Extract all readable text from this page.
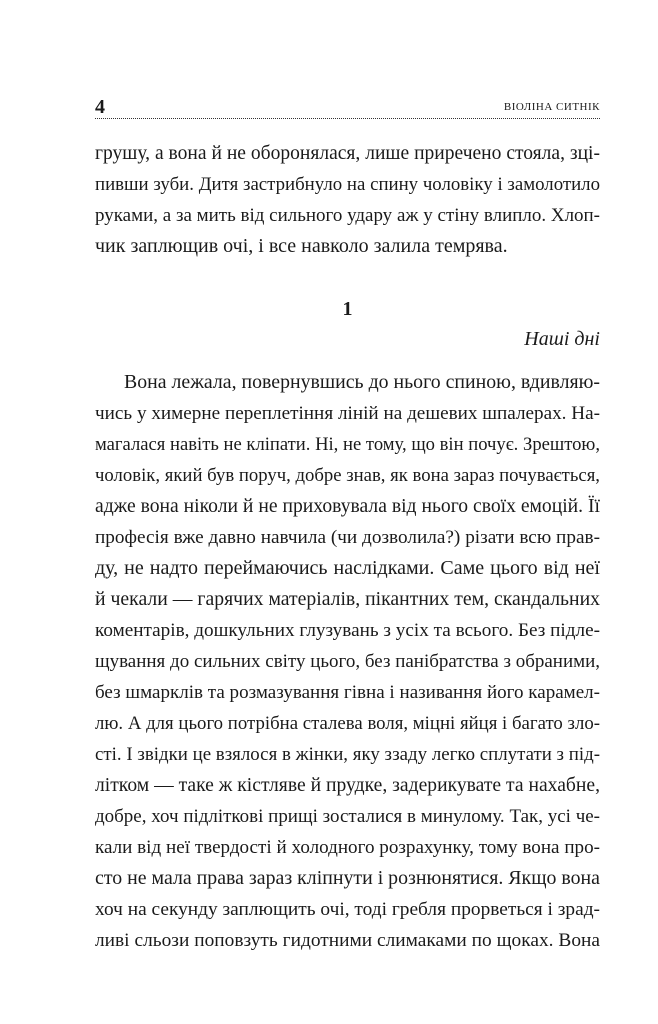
4	ВІОЛІНА СИТНІК
грушу, а вона й не оборонялася, лише приречено стояла, зці-
пивши зуби. Дитя застрибнуло на спину чоловіку і замолотило
руками, а за мить від сильного удару аж у стіну влипло. Хлоп-
чик заплющив очі, і все навколо залила темрява.
1
Наші дні
Вона лежала, повернувшись до нього спиною, вдивляю-
чись у химерне переплетіння ліній на дешевих шпалерах. На-
магалася навіть не кліпати. Ні, не тому, що він почує. Зрештою,
чоловік, який був поруч, добре знав, як вона зараз почувається,
адже вона ніколи й не приховувала від нього своїх емоцій. Її
професія вже давно навчила (чи дозволила?) різати всю прав-
ду, не надто переймаючись наслідками. Саме цього від неї
й чекали — гарячих матеріалів, пікантних тем, скандальних
коментарів, дошкульних глузувань з усіх та всього. Без підле-
щування до сильних світу цього, без панібратства з обраними,
без шмарклів та розмазування гівна і називання його карамел-
лю. А для цього потрібна сталева воля, міцні яйця і багато зло-
сті. І звідки це взялося в жінки, яку ззаду легко сплутати з під-
літком — таке ж кістляве й прудке, задерикувате та нахабне,
добре, хоч підліткові прищі зосталися в минулому. Так, усі че-
кали від неї твердості й холодного розрахунку, тому вона про-
сто не мала права зараз кліпнути і рознюнятися. Якщо вона
хоч на секунду заплющить очі, тоді гребля прорветься і зрад-
ливі сльози поповзуть гидотними слимаками по щоках. Вона
